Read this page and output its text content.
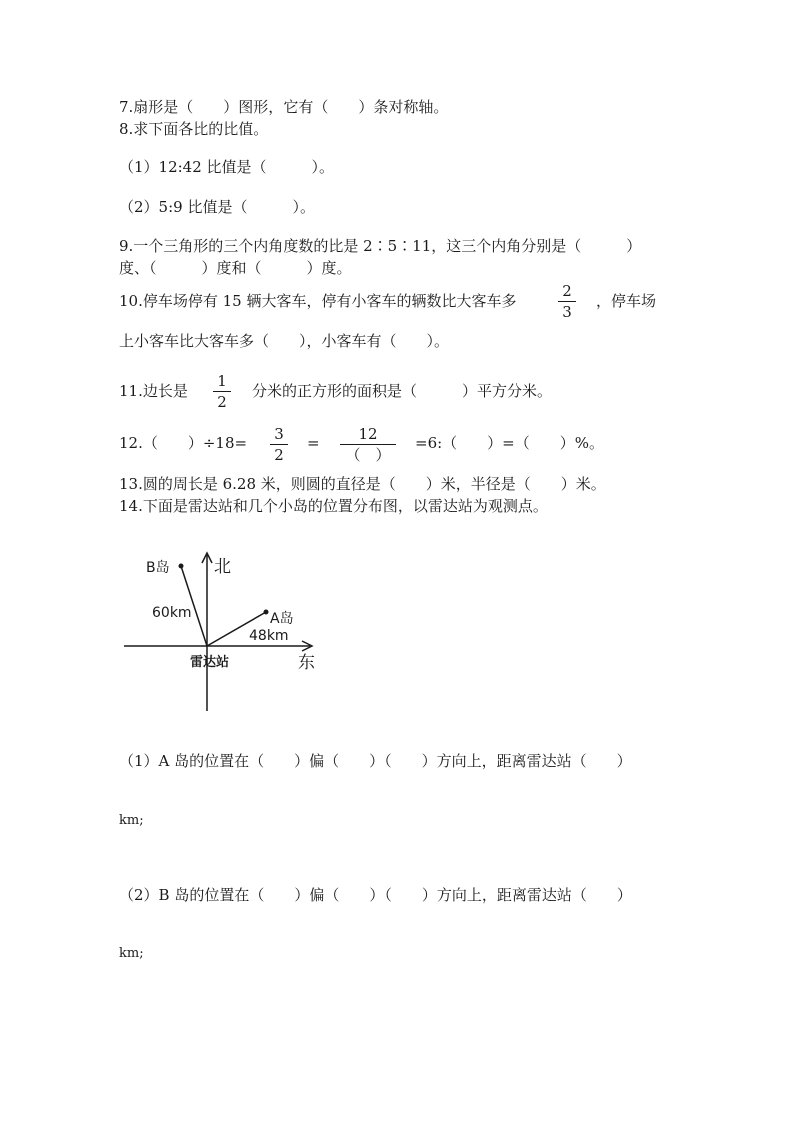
7.扇形是（　　）图形，它有（　　）条对称轴。
8.求下面各比的比值。
（1）12:42 比值是（　　　）。
（2）5:9 比值是（　　　）。
9.一个三角形的三个内角度数的比是 2∶5∶11，这三个内角分别是（　　　）
度、（　　　）度和（　　　）度。
10.停车场停有 15 辆大客车，停有小客车的辆数比大客车多
2
3
，停车场
上小客车比大客车多（　　），小客车有（　　）。
11.边长是
1
2
分米的正方形的面积是（　　　）平方分米。
12.（　　）÷18= 3
2
=	12
（　）
=6:（　　）=（　　）%。
13.圆的周长是 6.28 米，则圆的直径是（　　）米，半径是（　　）米。
14.下面是雷达站和几个小岛的位置分布图，以雷达站为观测点。
北
东
雷达站
A岛
B岛
48km
60km
（1）A 岛的位置在（　　）偏（　　）（　　）方向上，距离雷达站（　　）
km;
（2）B 岛的位置在（　　）偏（　　）（　　）方向上，距离雷达站（　　）
km;
